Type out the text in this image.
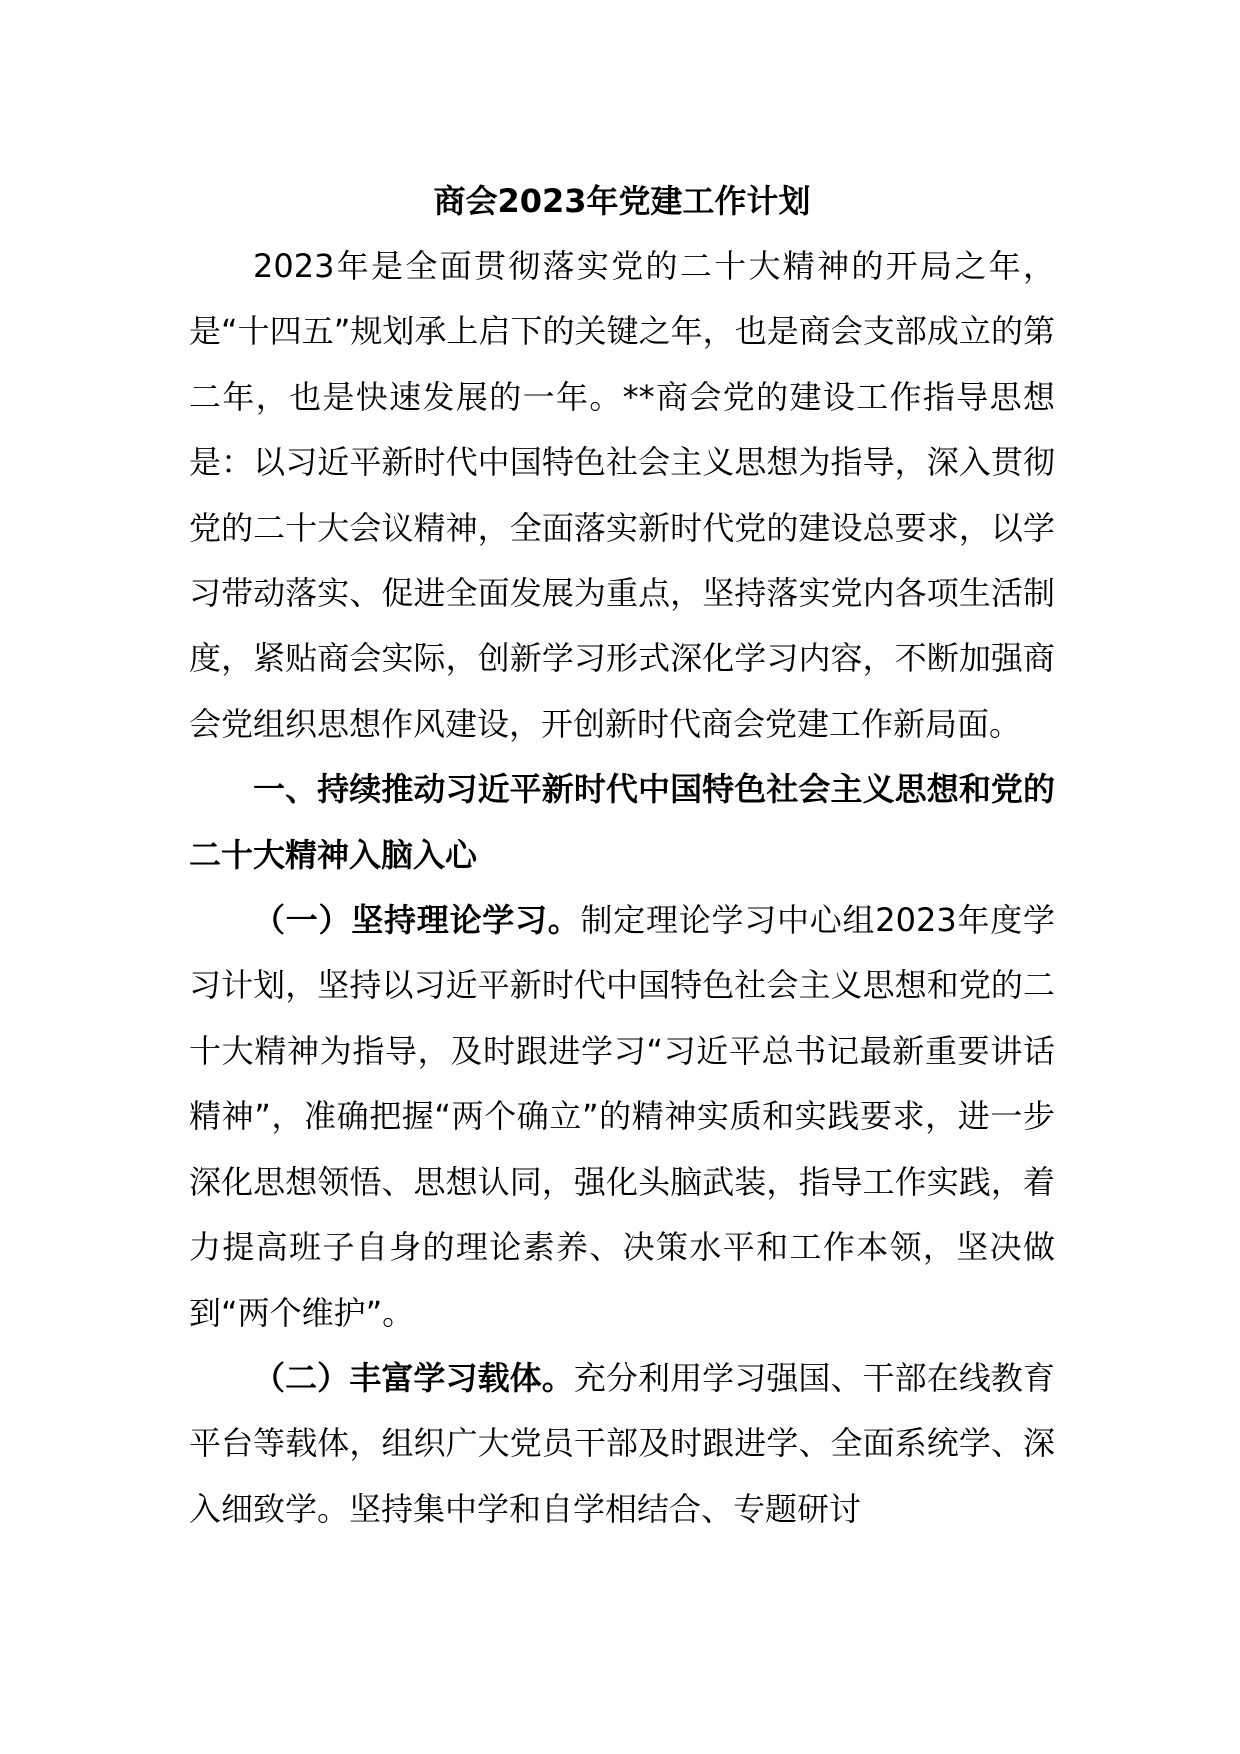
商会2023年党建工作计划

2023年是全面贯彻落实党的二十大精神的开局之年，是“十四五”规划承上启下的关键之年，也是商会支部成立的第二年，也是快速发展的一年。**商会党的建设工作指导思想是：以习近平新时代中国特色社会主义思想为指导，深入贯彻党的二十大会议精神，全面落实新时代党的建设总要求，以学习带动落实、促进全面发展为重点，坚持落实党内各项生活制度，紧贴商会实际，创新学习形式深化学习内容，不断加强商会党组织思想作风建设，开创新时代商会党建工作新局面。

一、持续推动习近平新时代中国特色社会主义思想和党的二十大精神入脑入心

（一）坚持理论学习。制定理论学习中心组2023年度学习计划，坚持以习近平新时代中国特色社会主义思想和党的二十大精神为指导，及时跟进学习“习近平总书记最新重要讲话精神”，准确把握“两个确立”的精神实质和实践要求，进一步深化思想领悟、思想认同，强化头脑武装，指导工作实践，着力提高班子自身的理论素养、决策水平和工作本领，坚决做到“两个维护”。

（二）丰富学习载体。充分利用学习强国、干部在线教育平台等载体，组织广大党员干部及时跟进学、全面系统学、深入细致学。坚持集中学和自学相结合、专题研讨
